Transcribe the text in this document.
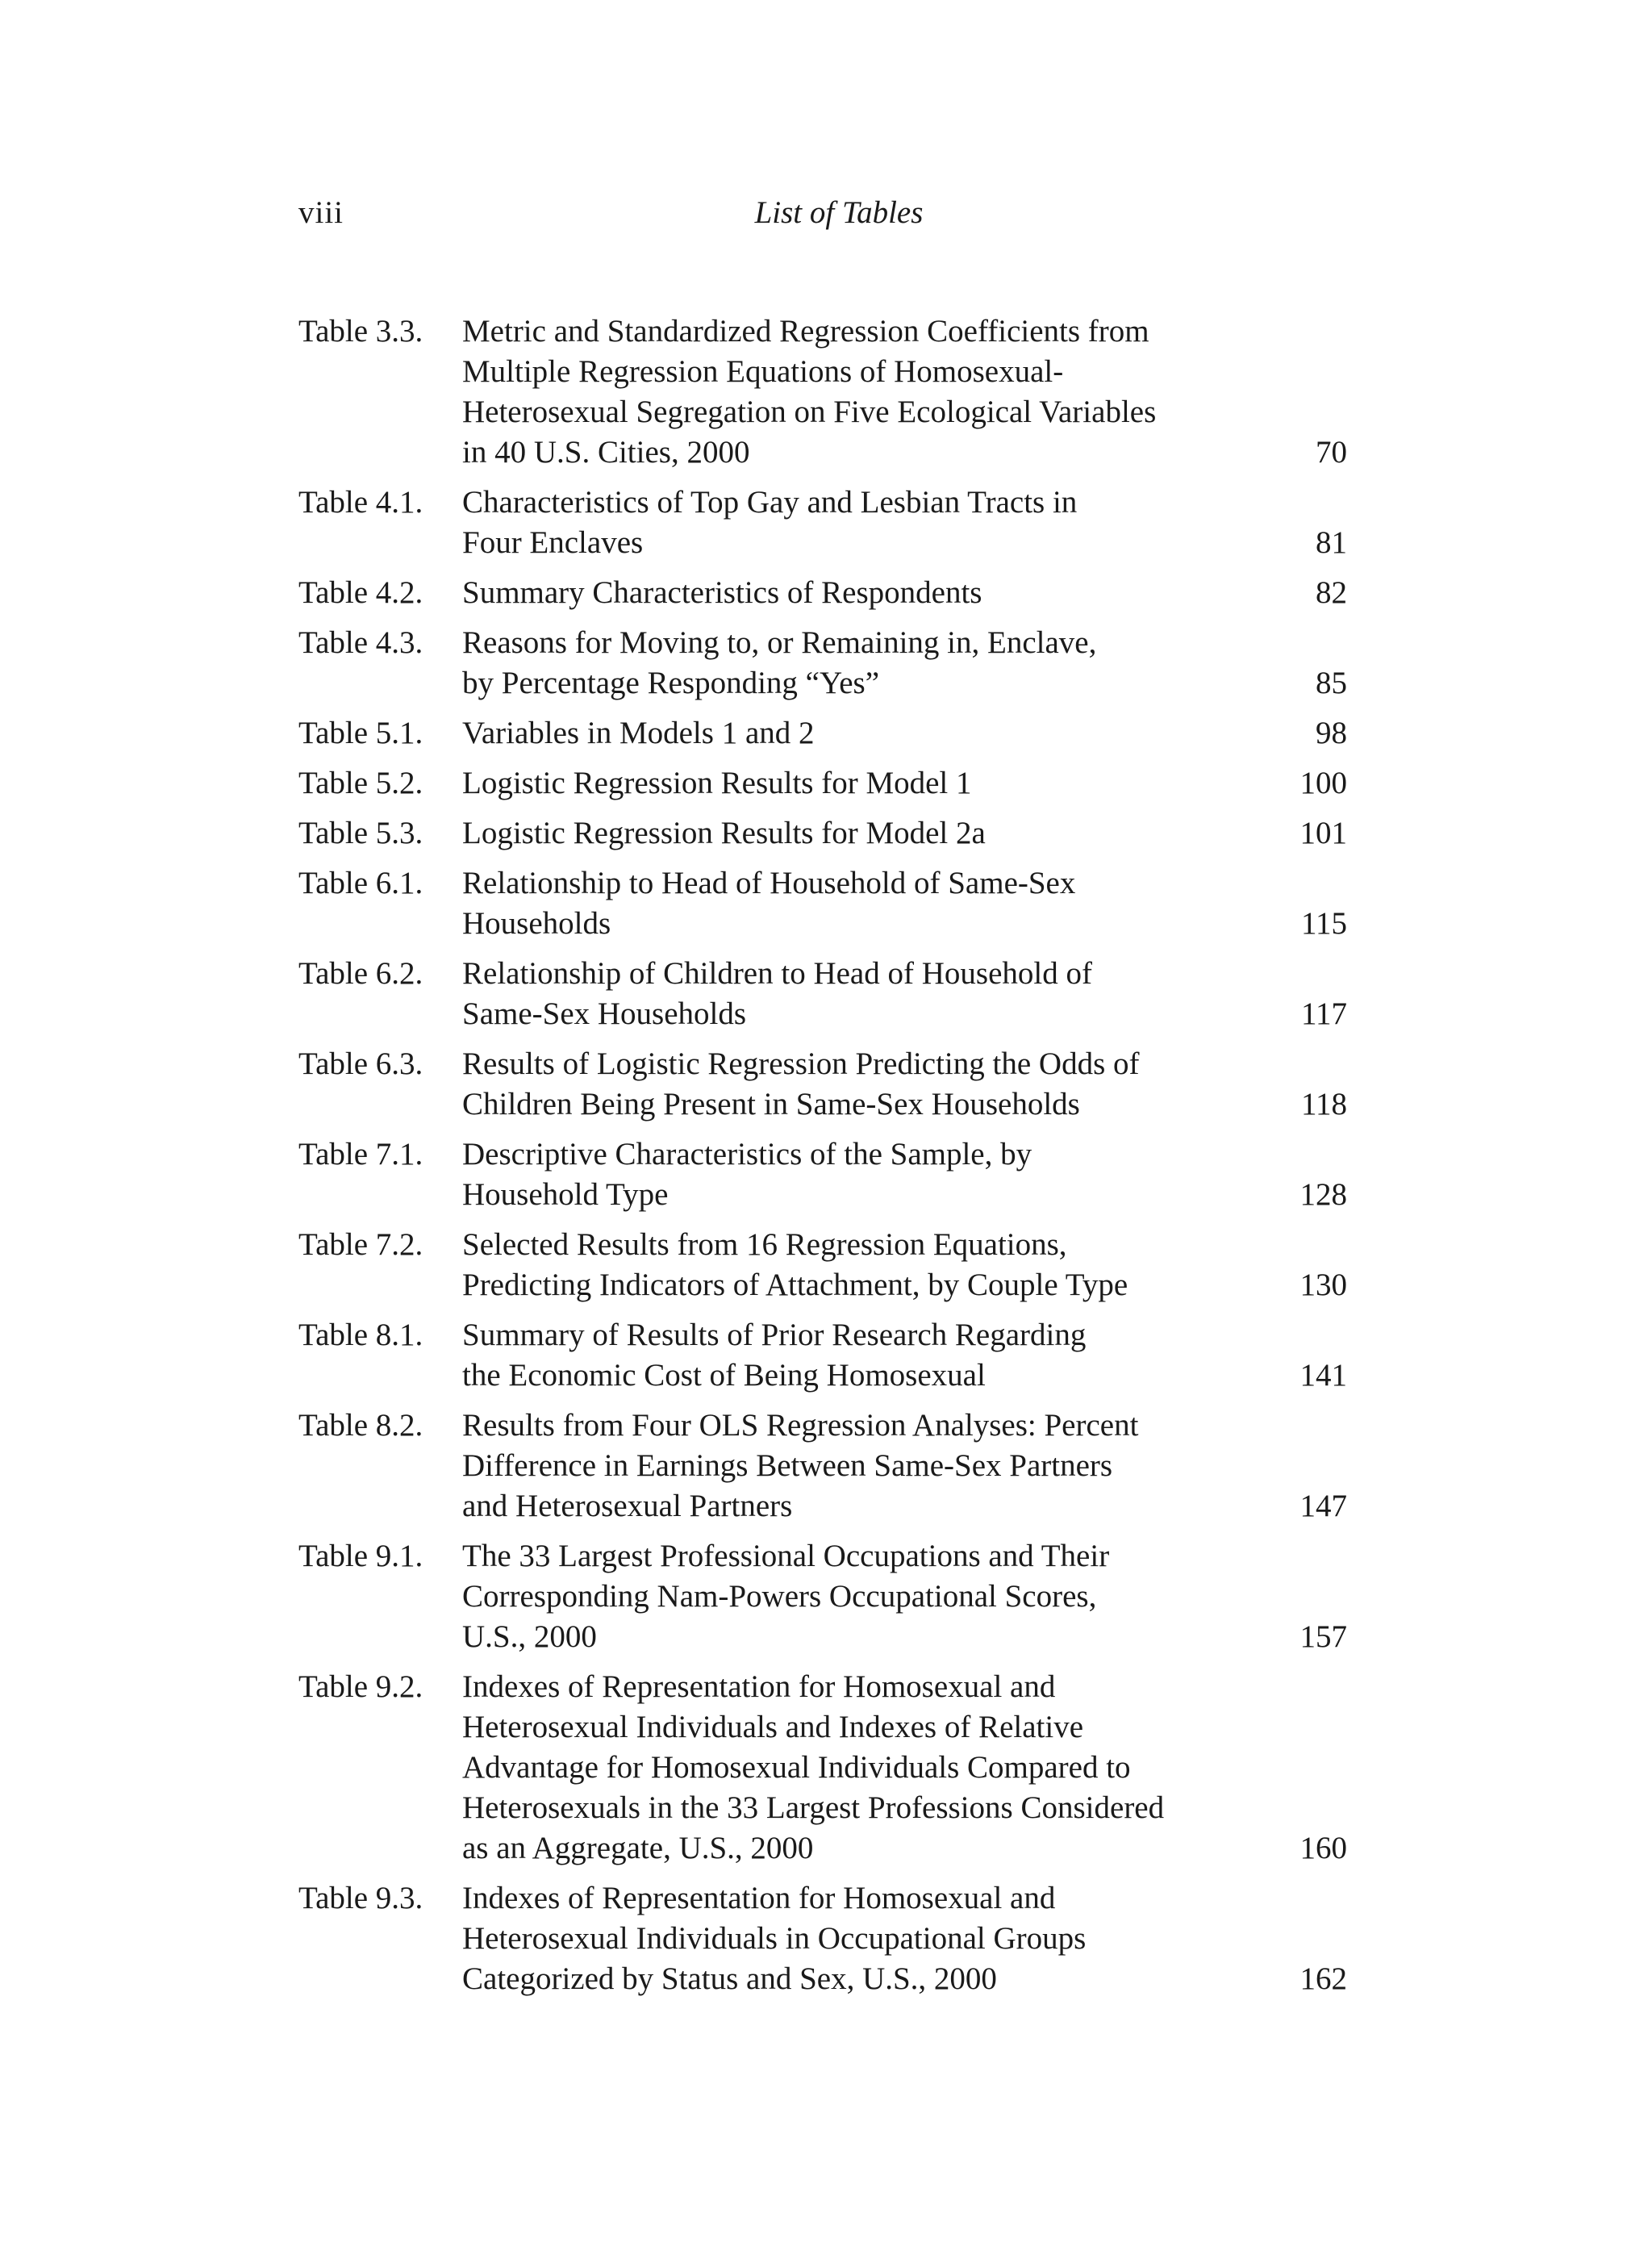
viii	List of Tables
Table 3.3.	Metric and Standardized Regression Coefficients from
Multiple Regression Equations of Homosexual-
Heterosexual Segregation on Five Ecological Variables
in 40 U.S. Cities, 2000	70
Table 4.1.	Characteristics of Top Gay and Lesbian Tracts in
Four Enclaves	81
Table 4.2.	Summary Characteristics of Respondents	82
Table 4.3.	Reasons for Moving to, or Remaining in, Enclave,
by Percentage Responding “Yes”	85
Table 5.1.	Variables in Models 1 and 2	98
Table 5.2.	Logistic Regression Results for Model 1	100
Table 5.3.	Logistic Regression Results for Model 2a	101
Table 6.1.	Relationship to Head of Household of Same-Sex
Households	115
Table 6.2.	Relationship of Children to Head of Household of
Same-Sex Households	117
Table 6.3.	Results of Logistic Regression Predicting the Odds of
Children Being Present in Same-Sex Households	118
Table 7.1.	Descriptive Characteristics of the Sample, by
Household Type	128
Table 7.2.	Selected Results from 16 Regression Equations,
Predicting Indicators of Attachment, by Couple Type	130
Table 8.1.	Summary of Results of Prior Research Regarding
the Economic Cost of Being Homosexual	141
Table 8.2.	Results from Four OLS Regression Analyses: Percent
Difference in Earnings Between Same-Sex Partners
and Heterosexual Partners	147
Table 9.1.	The 33 Largest Professional Occupations and Their
Corresponding Nam-Powers Occupational Scores,
U.S., 2000	157
Table 9.2.	Indexes of Representation for Homosexual and
Heterosexual Individuals and Indexes of Relative
Advantage for Homosexual Individuals Compared to
Heterosexuals in the 33 Largest Professions Considered
as an Aggregate, U.S., 2000	160
Table 9.3.	Indexes of Representation for Homosexual and
Heterosexual Individuals in Occupational Groups
Categorized by Status and Sex, U.S., 2000	162
